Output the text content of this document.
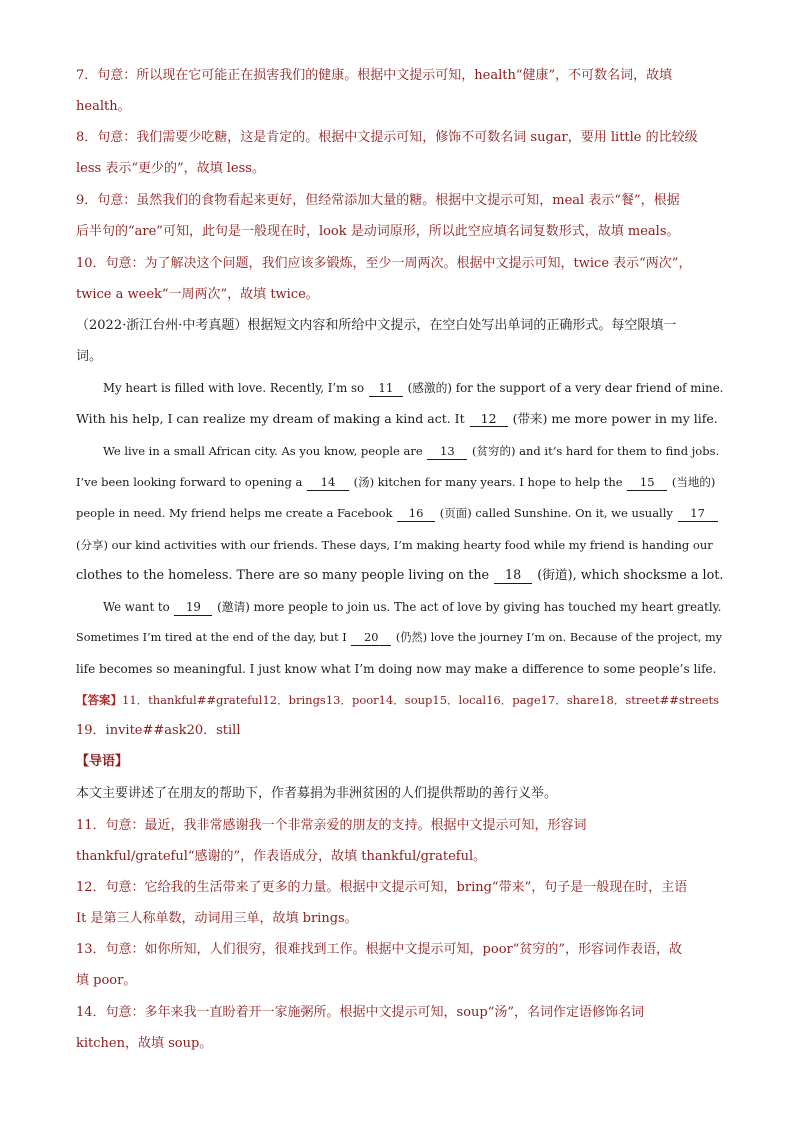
7．句意：所以现在它可能正在损害我们的健康。根据中文提示可知，health“健康”，不可数名词，故填
health。
8．句意：我们需要少吃糖，这是肯定的。根据中文提示可知，修饰不可数名词 sugar，要用 little 的比较级
less 表示“更少的”，故填 less。
9．句意：虽然我们的食物看起来更好，但经常添加大量的糖。根据中文提示可知，meal 表示“餐”，根据
后半句的“are”可知，此句是一般现在时，look 是动词原形，所以此空应填名词复数形式，故填 meals。
10．句意：为了解决这个问题，我们应该多锻炼，至少一周两次。根据中文提示可知，twice 表示“两次”，
twice a week“一周两次”，故填 twice。
（2022·浙江台州·中考真题）根据短文内容和所给中文提示，在空白处写出单词的正确形式。每空限填一
词。
My heart is filled with love. Recently, I’m so 11 (感激的) for the support of a very dear friend of mine.
With his help, I can realize my dream of making a kind act. It 12 (带来) me more power in my life.
We live in a small African city. As you know, people are 13 (贫穷的) and it’s hard for them to find jobs.
I’ve been looking forward to opening a 14 (汤) kitchen for many years. I hope to help the 15 (当地的)
people in need. My friend helps me create a Facebook 16 (页面) called Sunshine. On it, we usually 17
(分享) our kind activities with our friends. These days, I’m making hearty food while my friend is handing our
clothes to the homeless. There are so many people living on the 18 (街道), which shocksme a lot.
We want to 19 (邀请) more people to join us. The act of love by giving has touched my heart greatly.
Sometimes I’m tired at the end of the day, but I 20 (仍然) love the journey I’m on. Because of the project, my
life becomes so meaningful. I just know what I’m doing now may make a difference to some people’s life.
【答案】11．thankful##grateful12．brings13．poor14．soup15．local16．page17．share18．street##streets
19．invite##ask20．still
【导语】
本文主要讲述了在朋友的帮助下，作者募捐为非洲贫困的人们提供帮助的善行义举。
11．句意：最近，我非常感谢我一个非常亲爱的朋友的支持。根据中文提示可知，形容词
thankful/grateful“感谢的”，作表语成分，故填 thankful/grateful。
12．句意：它给我的生活带来了更多的力量。根据中文提示可知，bring“带来”，句子是一般现在时，主语
It 是第三人称单数，动词用三单，故填 brings。
13．句意：如你所知，人们很穷，很难找到工作。根据中文提示可知，poor“贫穷的”，形容词作表语，故
填 poor。
14．句意：多年来我一直盼着开一家施粥所。根据中文提示可知，soup“汤”，名词作定语修饰名词
kitchen，故填 soup。
